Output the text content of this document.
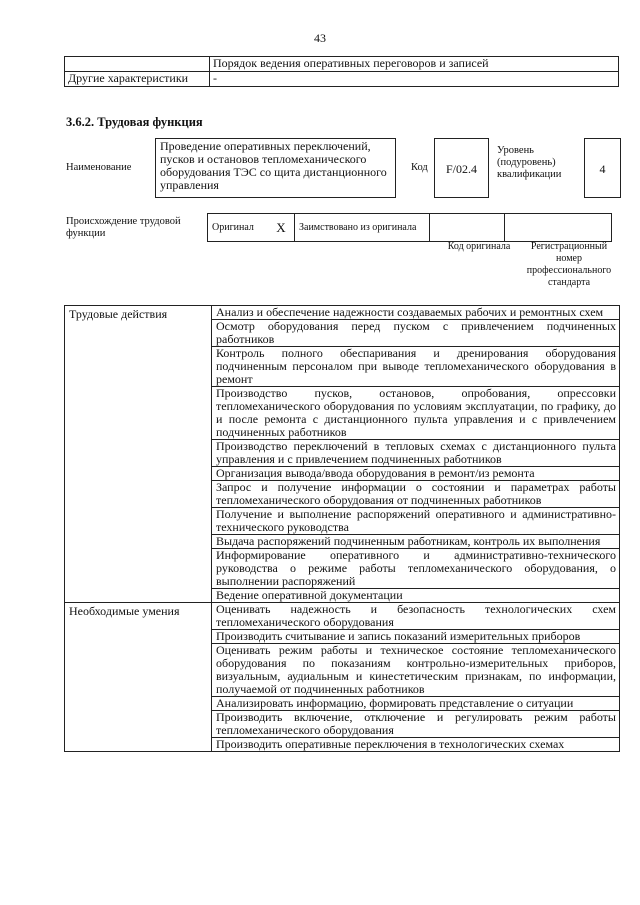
43
	Порядок ведения оперативных переговоров и записей
Другие характеристики	-
3.6.2. Трудовая функция
Наименование
Проведение оперативных переключений, пусков и остановов тепломеханического оборудования ТЭС со щита дистанционного управления
Код	F/02.4
Уровень (подуровень) квалификации	4
Происхождение трудовой функции
Оригинал	X	Заимствовано из оригинала		
Код оригинала	Регистрационный номер профессионального стандарта
Трудовые действия	Анализ и обеспечение надежности создаваемых рабочих и ремонтных схем
	Осмотр оборудования перед пуском с привлечением подчиненных работников
	Контроль полного обеспаривания и дренирования оборудования подчиненным персоналом при выводе тепломеханического оборудования в ремонт
	Производство пусков, остановов, опробования, опрессовки тепломеханического оборудования по условиям эксплуатации, по графику, до и после ремонта с дистанционного пульта управления и с привлечением подчиненных работников
	Производство переключений в тепловых схемах с дистанционного пульта управления и с привлечением подчиненных работников
	Организация вывода/ввода оборудования в ремонт/из ремонта
	Запрос и получение информации о состоянии и параметрах работы тепломеханического оборудования от подчиненных работников
	Получение и выполнение распоряжений оперативного и административно-технического руководства
	Выдача распоряжений подчиненным работникам, контроль их выполнения
	Информирование оперативного и административно-технического руководства о режиме работы тепломеханического оборудования, о выполнении распоряжений
	Ведение оперативной документации
Необходимые умения	Оценивать надежность и безопасность технологических схем тепломеханического оборудования
	Производить считывание и запись показаний измерительных приборов
	Оценивать режим работы и техническое состояние тепломеханического оборудования по показаниям контрольно-измерительных приборов, визуальным, аудиальным и кинестетическим признакам, по информации, получаемой от подчиненных работников
	Анализировать информацию, формировать представление о ситуации
	Производить включение, отключение и регулировать режим работы тепломеханического оборудования
	Производить оперативные переключения в технологических схемах
